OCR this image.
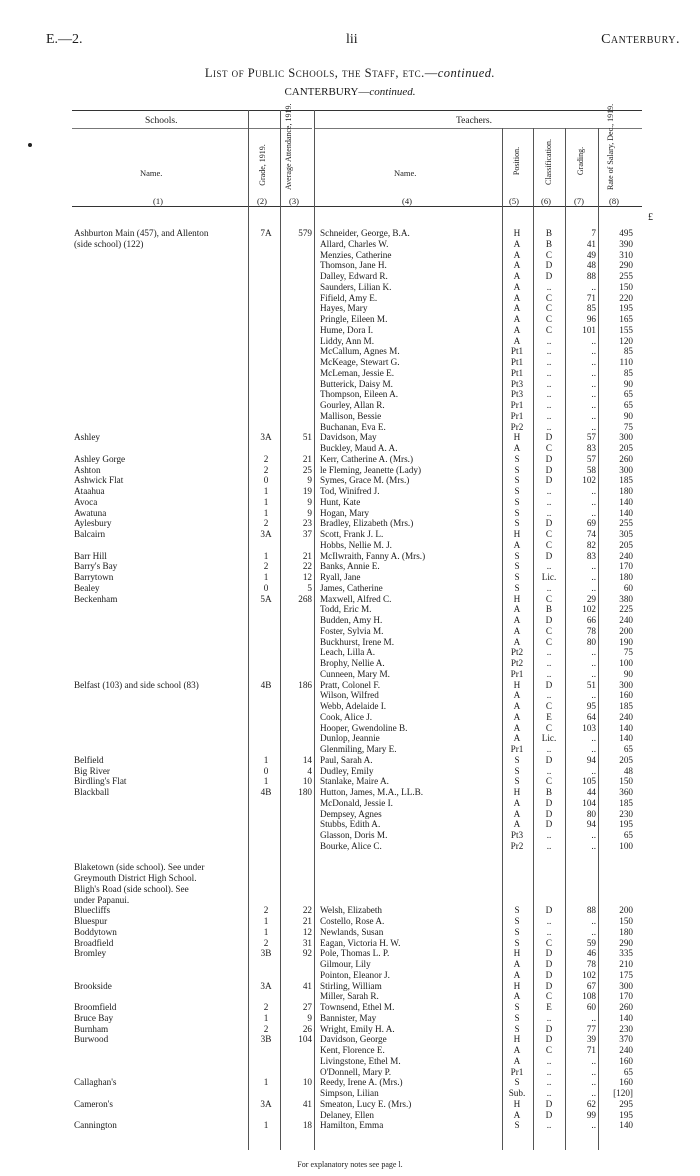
E.—2.	lii	Canterbury.
List of Public Schools, the Staff, etc.—continued.
CANTERBURY—continued.
Schools.	Teachers.
Name.	Grade, 1919. Average Attendance, 1919.	Name.	Position.	Classification.	Grading.	Rate of Salary, Dec., 1919.
(1)	(2)	(3)	(4)	(5)	(6)	(7)	(8)
£
Ashburton Main (457), and Allenton	7A	579 Schneider, George, B.A.	H	B	7	495
(side school) (122)	Allard, Charles W.	A	B	41	390
Menzies, Catherine	A	C	49	310
Thomson, Jane H.	A	D	48	290
Dalley, Edward R.	A	D	88	255
Saunders, Lilian K.	A	..	..	150
Fifield, Amy E.	A	C	71	220
Hayes, Mary	A	C	85	195
Pringle, Eileen M.	A	C	96	165
Hume, Dora I.	A	C	101	155
Liddy, Ann M.	A	..	..	120
McCallum, Agnes M.	Pt1	..	..	85
McKeage, Stewart G.	Pt1	..	..	110
McLeman, Jessie E.	Pt1	..	..	85
Butterick, Daisy M.	Pt3	..	..	90
Thompson, Eileen A.	Pt3	..	..	65
Gourley, Allan R.	Pr1	..	..	65
Mallison, Bessie	Pr1	..	..	90
Buchanan, Eva E.	Pr2	..	..	75
Ashley	3A	51 Davidson, May	H	D	57	300
Buckley, Maud A. A.	A	C	83	205
Ashley Gorge	2	21 Kerr, Catherine A. (Mrs.)	S	D	57	260
Ashton	2	25 le Fleming, Jeanette (Lady)	S	D	58	300
Ashwick Flat	0	9 Symes, Grace M. (Mrs.)	S	D	102	185
Ataahua	1	19 Tod, Winifred J.	S	..	..	180
Avoca	1	9 Hunt, Kate	S	..	..	140
Awatuna	1	9 Hogan, Mary	S	..	..	140
Aylesbury	2	23 Bradley, Elizabeth (Mrs.)	S	D	69	255
Balcairn	3A	37 Scott, Frank J. L.	H	C	74	305
Hobbs, Nellie M. J.	A	C	82	205
Barr Hill	1	21 McIlwraith, Fanny A. (Mrs.)	S	D	83	240
Barry's Bay	2	22 Banks, Annie E.	S	..	..	170
Barrytown	1	12 Ryall, Jane	S	Lic.	..	180
Bealey	0	5 James, Catherine	S	..	..	60
Beckenham	5A	268 Maxwell, Alfred C.	H	C	29	380
Todd, Eric M.	A	B	102	225
Budden, Amy H.	A	D	66	240
Foster, Sylvia M.	A	C	78	200
Buckhurst, Irene M.	A	C	80	190
Leach, Lilla A.	Pt2	..	..	75
Brophy, Nellie A.	Pt2	..	..	100
Cunneen, Mary M.	Pr1	..	..	90
Belfast (103) and side school (83)	4B	186 Pratt, Colonel F.	H	D	51	300
Wilson, Wilfred	A	..	..	160
Webb, Adelaide I.	A	C	95	185
Cook, Alice J.	A	E	64	240
Hooper, Gwendoline B.	A	C	103	140
Dunlop, Jeannie	A	Lic.	..	140
Glenmiling, Mary E.	Pr1	..	..	65
Belfield	1	14 Paul, Sarah A.	S	D	94	205
Big River	0	4 Dudley, Emily	S	..	..	48
Birdling's Flat	1	10 Stanlake, Maire A.	S	C	105	150
Blackball	4B	180 Hutton, James, M.A., LL.B.	H	B	44	360
McDonald, Jessie I.	A	D	104	185
Dempsey, Agnes	A	D	80	230
Stubbs, Edith A.	A	D	94	195
Glasson, Doris M.	Pt3	..	..	65
Bourke, Alice C.	Pr2	..	..	100
Blaketown (side school). See under
Greymouth District High School.
Bligh's Road (side school). See
under Papanui.
Bluecliffs	2	22 Welsh, Elizabeth	S	D	88	200
Bluespur	1	21 Costello, Rose A.	S	..	..	150
Boddytown	1	12 Newlands, Susan	S	..	..	180
Broadfield	2	31 Eagan, Victoria H. W.	S	C	59	290
Bromley	3B	92 Pole, Thomas L. P.	H	D	46	335
Gilmour, Lily	A	D	78	210
Pointon, Eleanor J.	A	D	102	175
Brookside	3A	41 Stirling, William	H	D	67	300
Miller, Sarah R.	A	C	108	170
Broomfield	2	27 Townsend, Ethel M.	S	E	60	260
Bruce Bay	1	9 Bannister, May	S	..	..	140
Burnham	2	26 Wright, Emily H. A.	S	D	77	230
Burwood	3B	104 Davidson, George	H	D	39	370
Kent, Florence E.	A	C	71	240
Livingstone, Ethel M.	A	..	..	160
O'Donnell, Mary P.	Pr1	..	..	65
Callaghan's	1	10 Reedy, Irene A. (Mrs.)	S	..	..	160
Simpson, Lilian	Sub.	..	..	[120]
Cameron's	3A	41 Smeaton, Lucy E. (Mrs.)	H	D	62	295
Delaney, Ellen	A	D	99	195
Cannington	1	18 Hamilton, Emma	S	..	..	140
For explanatory notes see page l.
